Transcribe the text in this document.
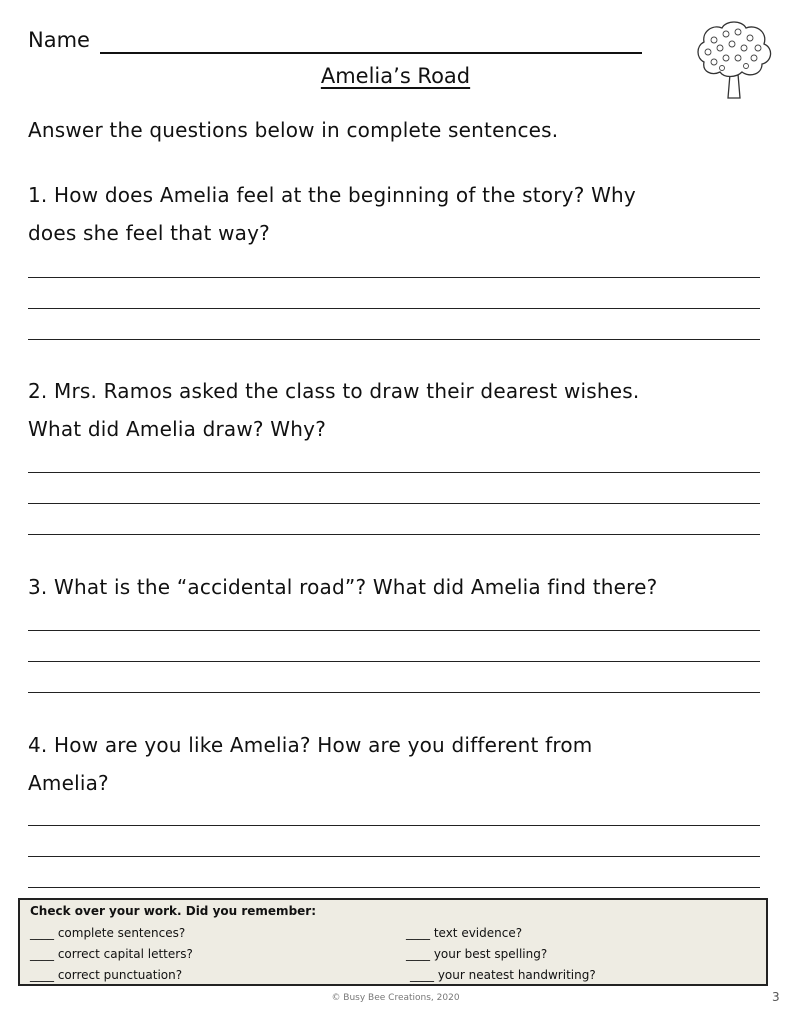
Name
Amelia’s Road
Answer the questions below in complete sentences.
1. How does Amelia feel at the beginning of the story? Why
does she feel that way?
2. Mrs. Ramos asked the class to draw their dearest wishes.
What did Amelia draw? Why?
3. What is the “accidental road”? What did Amelia find there?
4. How are you like Amelia? How are you different from
Amelia?
Check over your work. Did you remember:
____ complete sentences?
____ correct capital letters?
____ correct punctuation?
____ text evidence?
____ your best spelling?
____ your neatest handwriting?
© Busy Bee Creations, 2020	3
